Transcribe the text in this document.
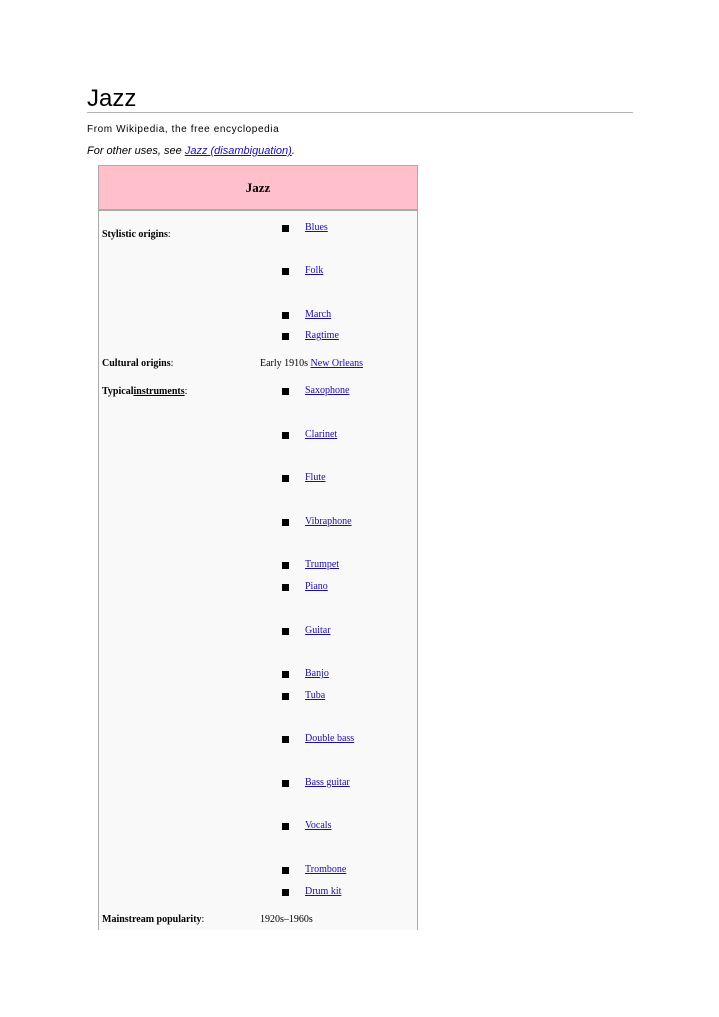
Jazz
From Wikipedia, the free encyclopedia
For other uses, see Jazz (disambiguation).
Jazz
Stylistic origins:
Blues
Folk
March
Ragtime
Cultural origins:	Early 1910s New Orleans
Typicalinstruments:	Saxophone
Clarinet
Flute
Vibraphone
Trumpet
Piano
Guitar
Banjo
Tuba
Double bass
Bass guitar
Vocals
Trombone
Drum kit
Mainstream popularity:	1920s–1960s
